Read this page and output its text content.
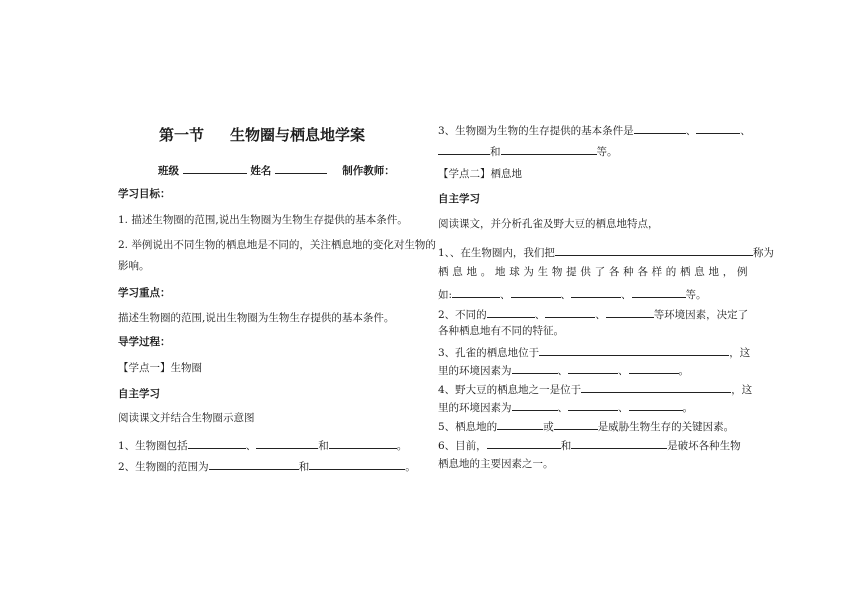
第一节 生物圈与栖息地学案
班级	姓名	制作教师：
学习目标：
1. 描述生物圈的范围,说出生物圈为生物生存提供的基本条件。
2. 举例说出不同生物的栖息地是不同的，关注栖息地的变化对生物的
影响。
学习重点：
描述生物圈的范围,说出生物圈为生物生存提供的基本条件。
导学过程：
【学点一】生物圈
自主学习
阅读课文并结合生物圈示意图
1、生物圈包括	、	和	。
2、生物圈的范围为	和	。
3、生物圈为生物的生存提供的基本条件是	、	、
和	等。
【学点二】栖息地
自主学习
阅读课文，并分析孔雀及野大豆的栖息地特点，
1、、在生物圈内，我们把	称为
栖 息 地 。 地 球 为 生 物 提 供 了 各 种 各 样 的 栖 息 地 ， 例
如:	、	、	、	等。
2、不同的	、	、	等环境因素，决定了
各种栖息地有不同的特征。
3、孔雀的栖息地位于	，这
里的环境因素为	、	、	。
4、野大豆的栖息地之一是位于	，这
里的环境因素为	、	、	。
5、栖息地的	或	是威胁生物生存的关键因素。
6、目前，	和	是破坏各种生物
栖息地的主要因素之一。
